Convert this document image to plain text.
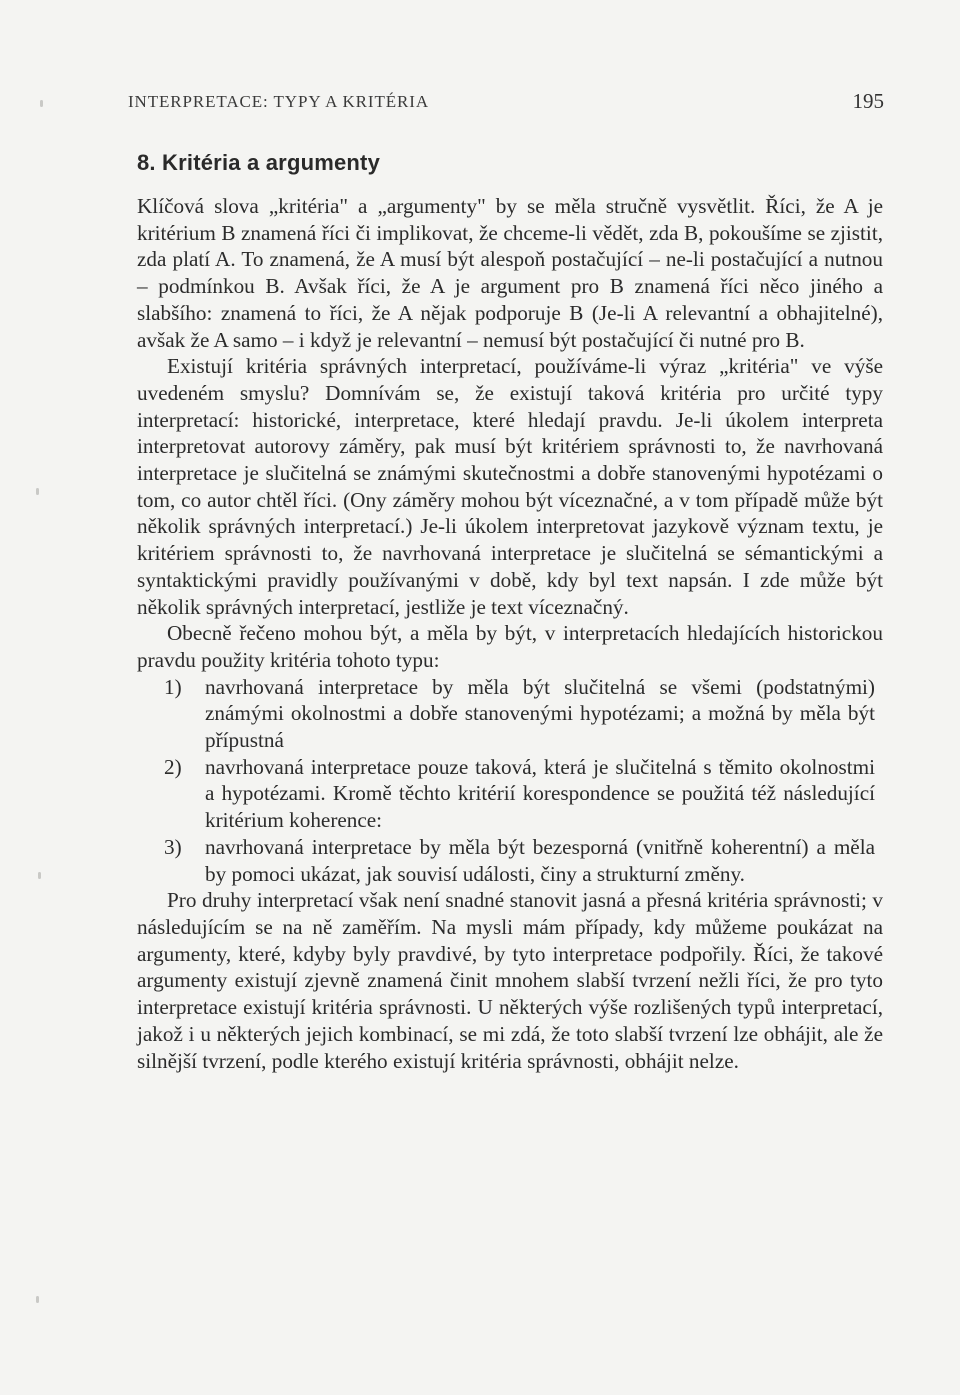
INTERPRETACE: TYPY A KRITÉRIA	195
8. Kritéria a argumenty

Klíčová slova „kritéria" a „argumenty" by se měla stručně vysvětlit. Říci, že A je kritérium B znamená říci či implikovat, že chceme-li vědět, zda B, pokoušíme se zjistit, zda platí A. To znamená, že A musí být alespoň postačující – ne-li postačující a nutnou – podmínkou B. Avšak říci, že A je argument pro B znamená říci něco jiného a slabšího: znamená to říci, že A nějak podporuje B (Je-li A relevantní a obhajitelné), avšak že A samo – i když je relevantní – nemusí být postačující či nutné pro B.

Existují kritéria správných interpretací, používáme-li výraz „kritéria" ve výše uvedeném smyslu? Domnívám se, že existují taková kritéria pro určité typy interpretací: historické, interpretace, které hledají pravdu. Je-li úkolem interpreta interpretovat autorovy záměry, pak musí být kritériem správnosti to, že navrhovaná interpretace je slučitelná se známými skutečnostmi a dobře stanovenými hypotézami o tom, co autor chtěl říci. (Ony záměry mohou být víceznačné, a v tom případě může být několik správných interpretací.) Je-li úkolem interpretovat jazykově význam textu, je kritériem správnosti to, že navrhovaná interpretace je slučitelná se sémantickými a syntaktickými pravidly používanými v době, kdy byl text napsán. I zde může být několik správných interpretací, jestliže je text víceznačný.

Obecně řečeno mohou být, a měla by být, v interpretacích hledajících historickou pravdu použity kritéria tohoto typu:

1) navrhovaná interpretace by měla být slučitelná se všemi (podstatnými) známými okolnostmi a dobře stanovenými hypotézami; a možná by měla být přípustná
2) navrhovaná interpretace pouze taková, která je slučitelná s těmito okolnostmi a hypotézami. Kromě těchto kritérií korespondence se použitá též následující kritérium koherence:
3) navrhovaná interpretace by měla být bezesporná (vnitřně koherentní) a měla by pomoci ukázat, jak souvisí události, činy a strukturní změny.

Pro druhy interpretací však není snadné stanovit jasná a přesná kritéria správnosti; v následujícím se na ně zaměřím. Na mysli mám případy, kdy můžeme poukázat na argumenty, které, kdyby byly pravdivé, by tyto interpretace podpořily. Říci, že takové argumenty existují zjevně znamená činit mnohem slabší tvrzení nežli říci, že pro tyto interpretace existují kritéria správnosti. U některých výše rozlišených typů interpretací, jakož i u některých jejich kombinací, se mi zdá, že toto slabší tvrzení lze obhájit, ale že silnější tvrzení, podle kterého existují kritéria správnosti, obhájit nelze.
